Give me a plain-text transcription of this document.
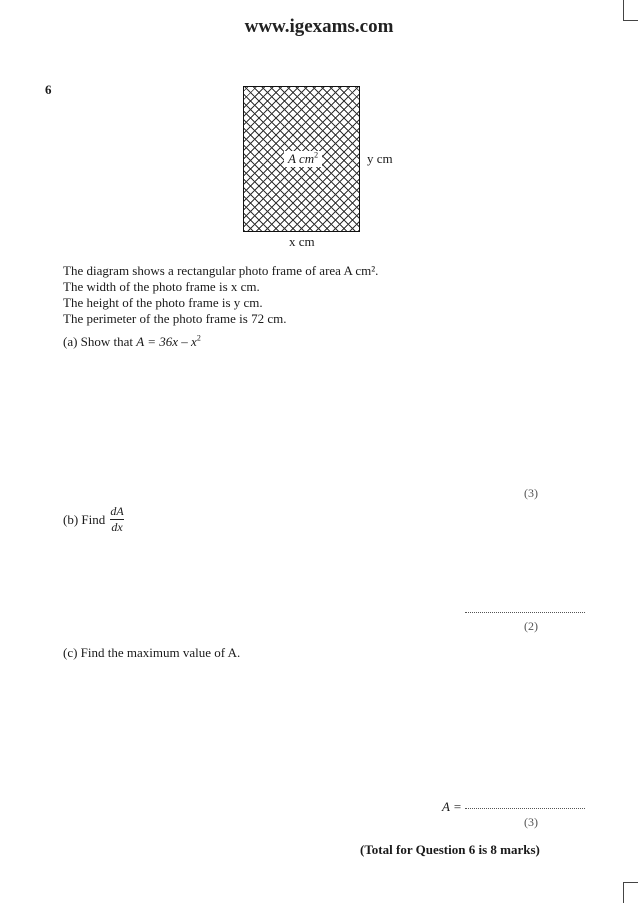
www.igexams.com
6
A $cm^2$	y cm
x cm
The diagram shows a rectangular photo frame of area A cm².
The width of the photo frame is x cm.
The height of the photo frame is y cm.
The perimeter of the photo frame is 72 cm.
(a) Show that $A = 36x - x^2$
(3)
(b) Find
dA
dx
(2)
(c) Find the maximum value of A.
A =
(3)
(Total for Question 6 is 8 marks)
